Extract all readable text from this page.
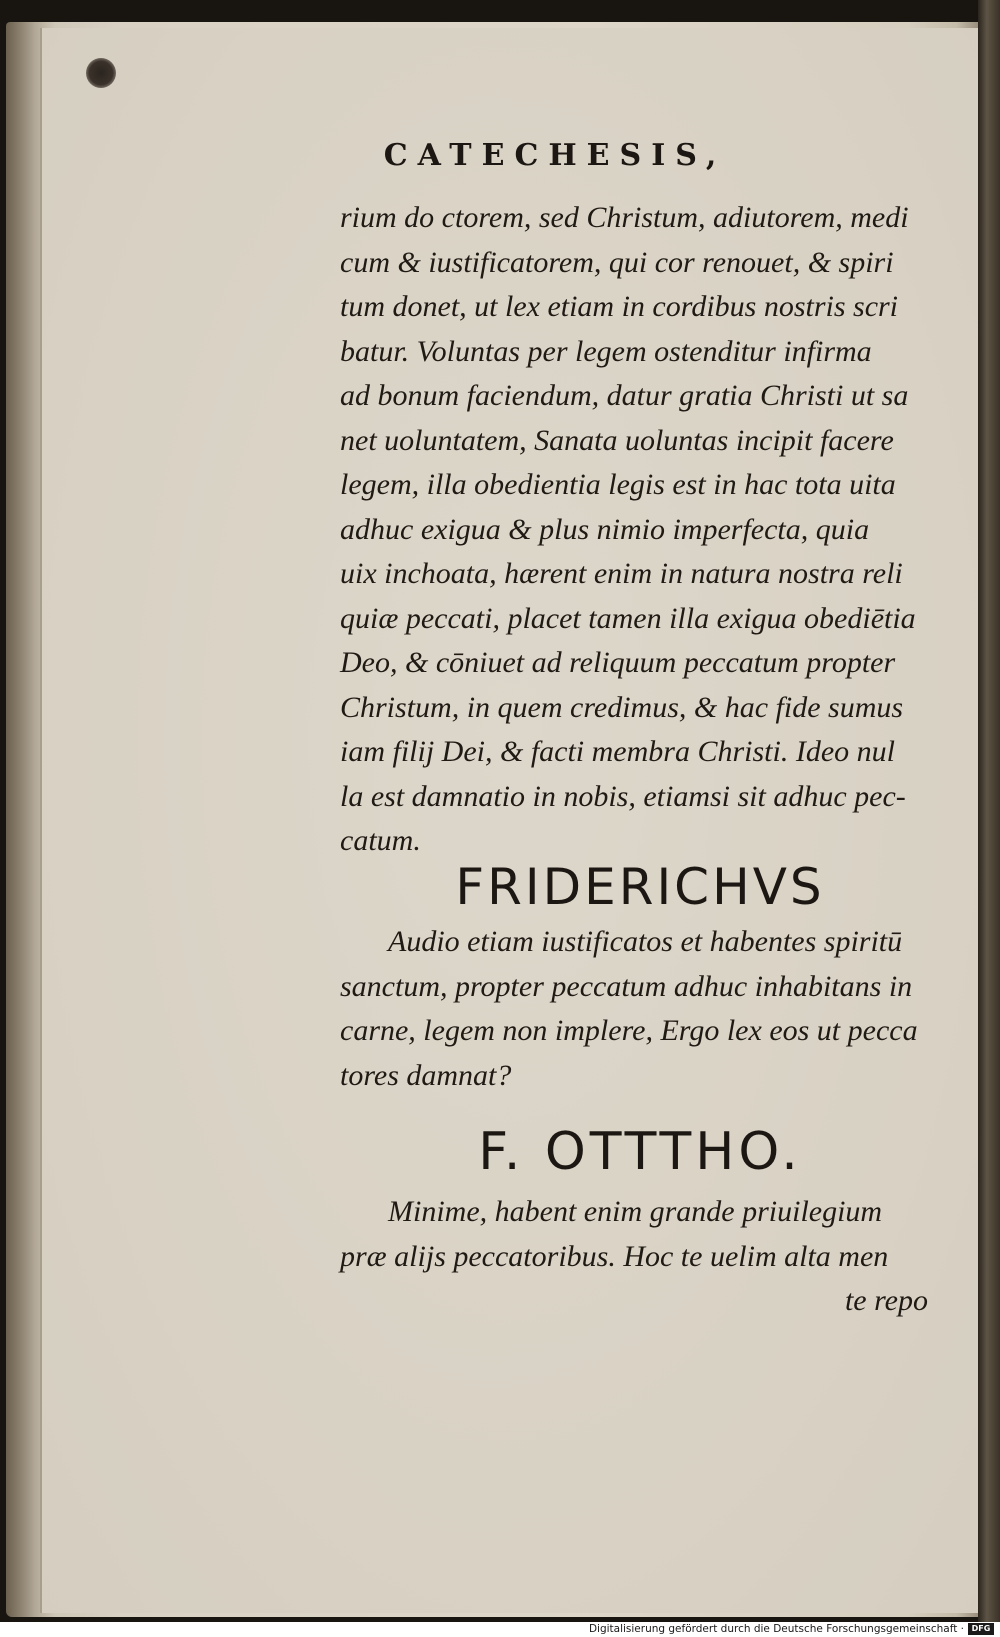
CATECHESIS,
rium do ctorem, sed Christum, adiutorem, medi
cum & iustificatorem, qui cor renouet, & spiri
tum donet, ut lex etiam in cordibus nostris scri
batur. Voluntas per legem ostenditur infirma
ad bonum faciendum, datur gratia Christi ut sa
net uoluntatem, Sanata uoluntas incipit facere
legem, illa obedientia legis est in hac tota uita
adhuc exigua & plus nimio imperfecta, quia
uix inchoata, hærent enim in natura nostra reli
quiæ peccati, placet tamen illa exigua obediētia
Deo, & cōniuet ad reliquum peccatum propter
Christum, in quem credimus, & hac fide sumus
iam filij Dei, & facti membra Christi. Ideo nul
la est damnatio in nobis, etiamsi sit adhuc pec-
catum.
FRIDERICHVS
Audio etiam iustificatos et habentes spiritū
sanctum, propter peccatum adhuc inhabitans in
carne, legem non implere, Ergo lex eos ut pecca
tores damnat?
F. OTTTHO.
Minime, habent enim grande priuilegium
præ alijs peccatoribus. Hoc te uelim alta men
te repo
Digitalisierung gefördert durch die Deutsche Forschungsgemeinschaft · DFG
